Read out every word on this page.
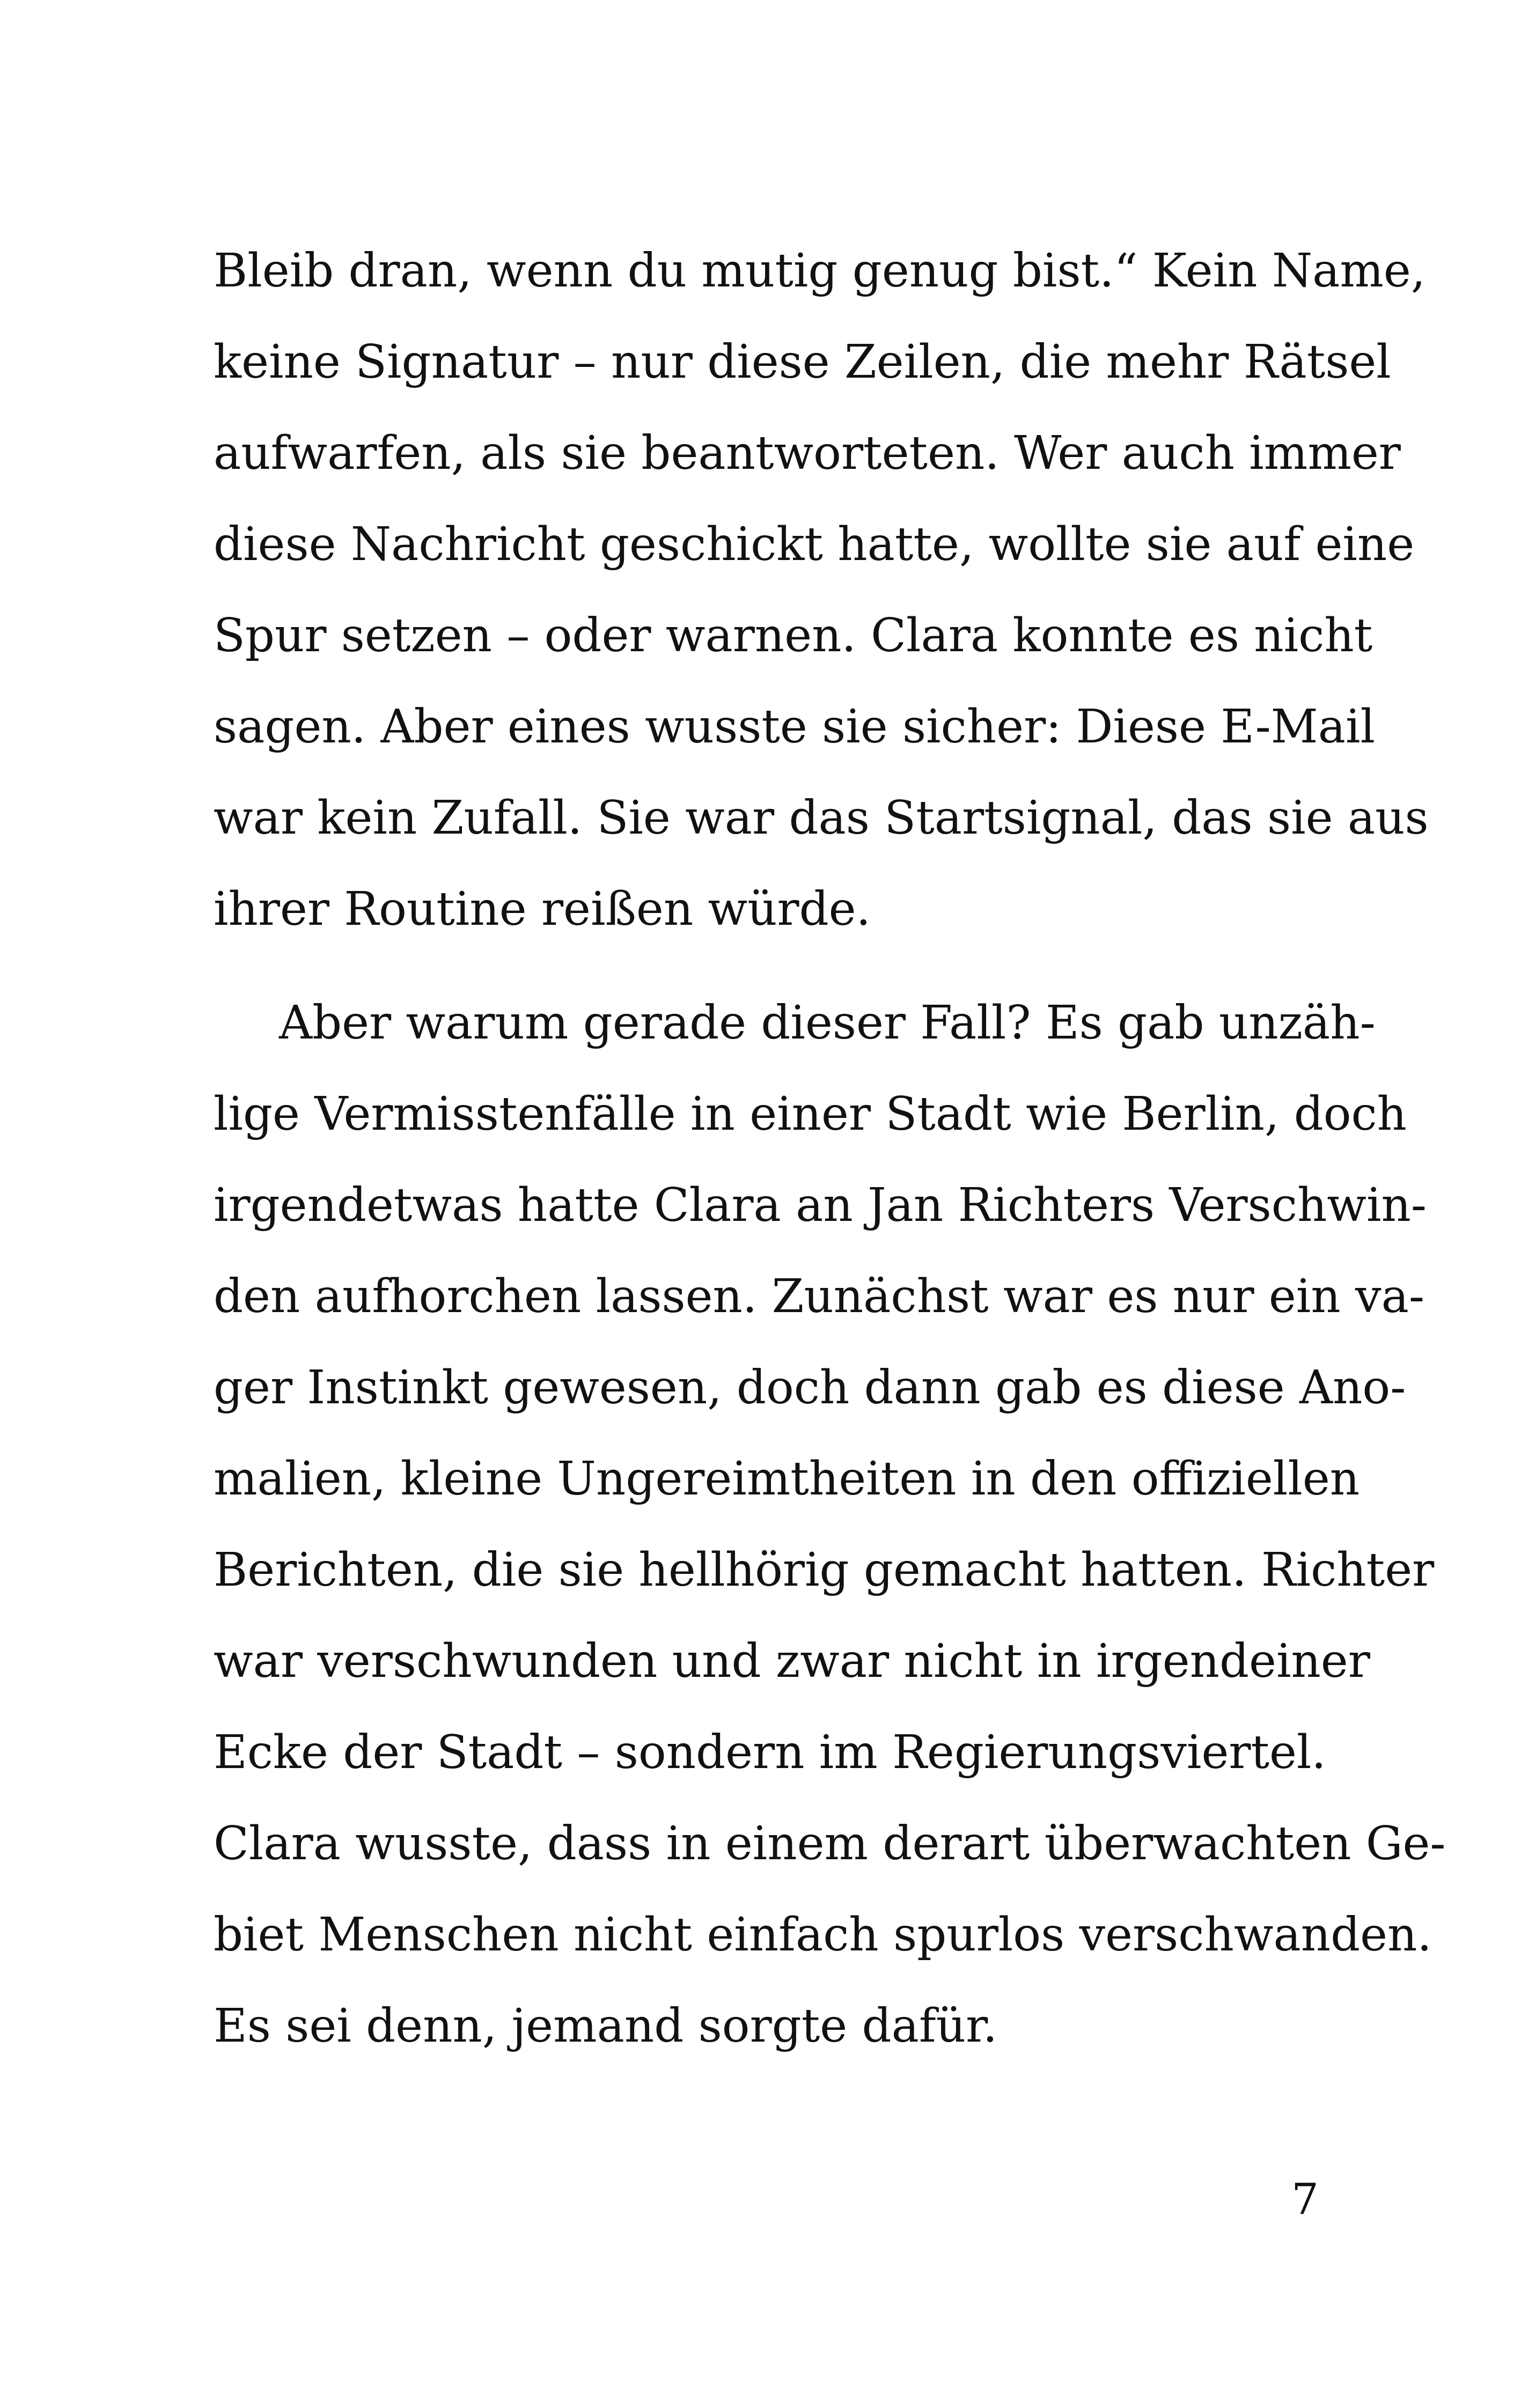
Bleib dran, wenn du mutig genug bist.“ Kein Name,
keine Signatur – nur diese Zeilen, die mehr Rätsel
aufwarfen, als sie beantworteten. Wer auch immer
diese Nachricht geschickt hatte, wollte sie auf eine
Spur setzen – oder warnen. Clara konnte es nicht
sagen. Aber eines wusste sie sicher: Diese E-Mail
war kein Zufall. Sie war das Startsignal, das sie aus
ihrer Routine reißen würde.
Aber warum gerade dieser Fall? Es gab unzäh-
lige Vermisstenfälle in einer Stadt wie Berlin, doch
irgendetwas hatte Clara an Jan Richters Verschwin-
den aufhorchen lassen. Zunächst war es nur ein va-
ger Instinkt gewesen, doch dann gab es diese Ano-
malien, kleine Ungereimtheiten in den offiziellen
Berichten, die sie hellhörig gemacht hatten. Richter
war verschwunden und zwar nicht in irgendeiner
Ecke der Stadt – sondern im Regierungsviertel.
Clara wusste, dass in einem derart überwachten Ge-
biet Menschen nicht einfach spurlos verschwanden.
Es sei denn, jemand sorgte dafür.
7
